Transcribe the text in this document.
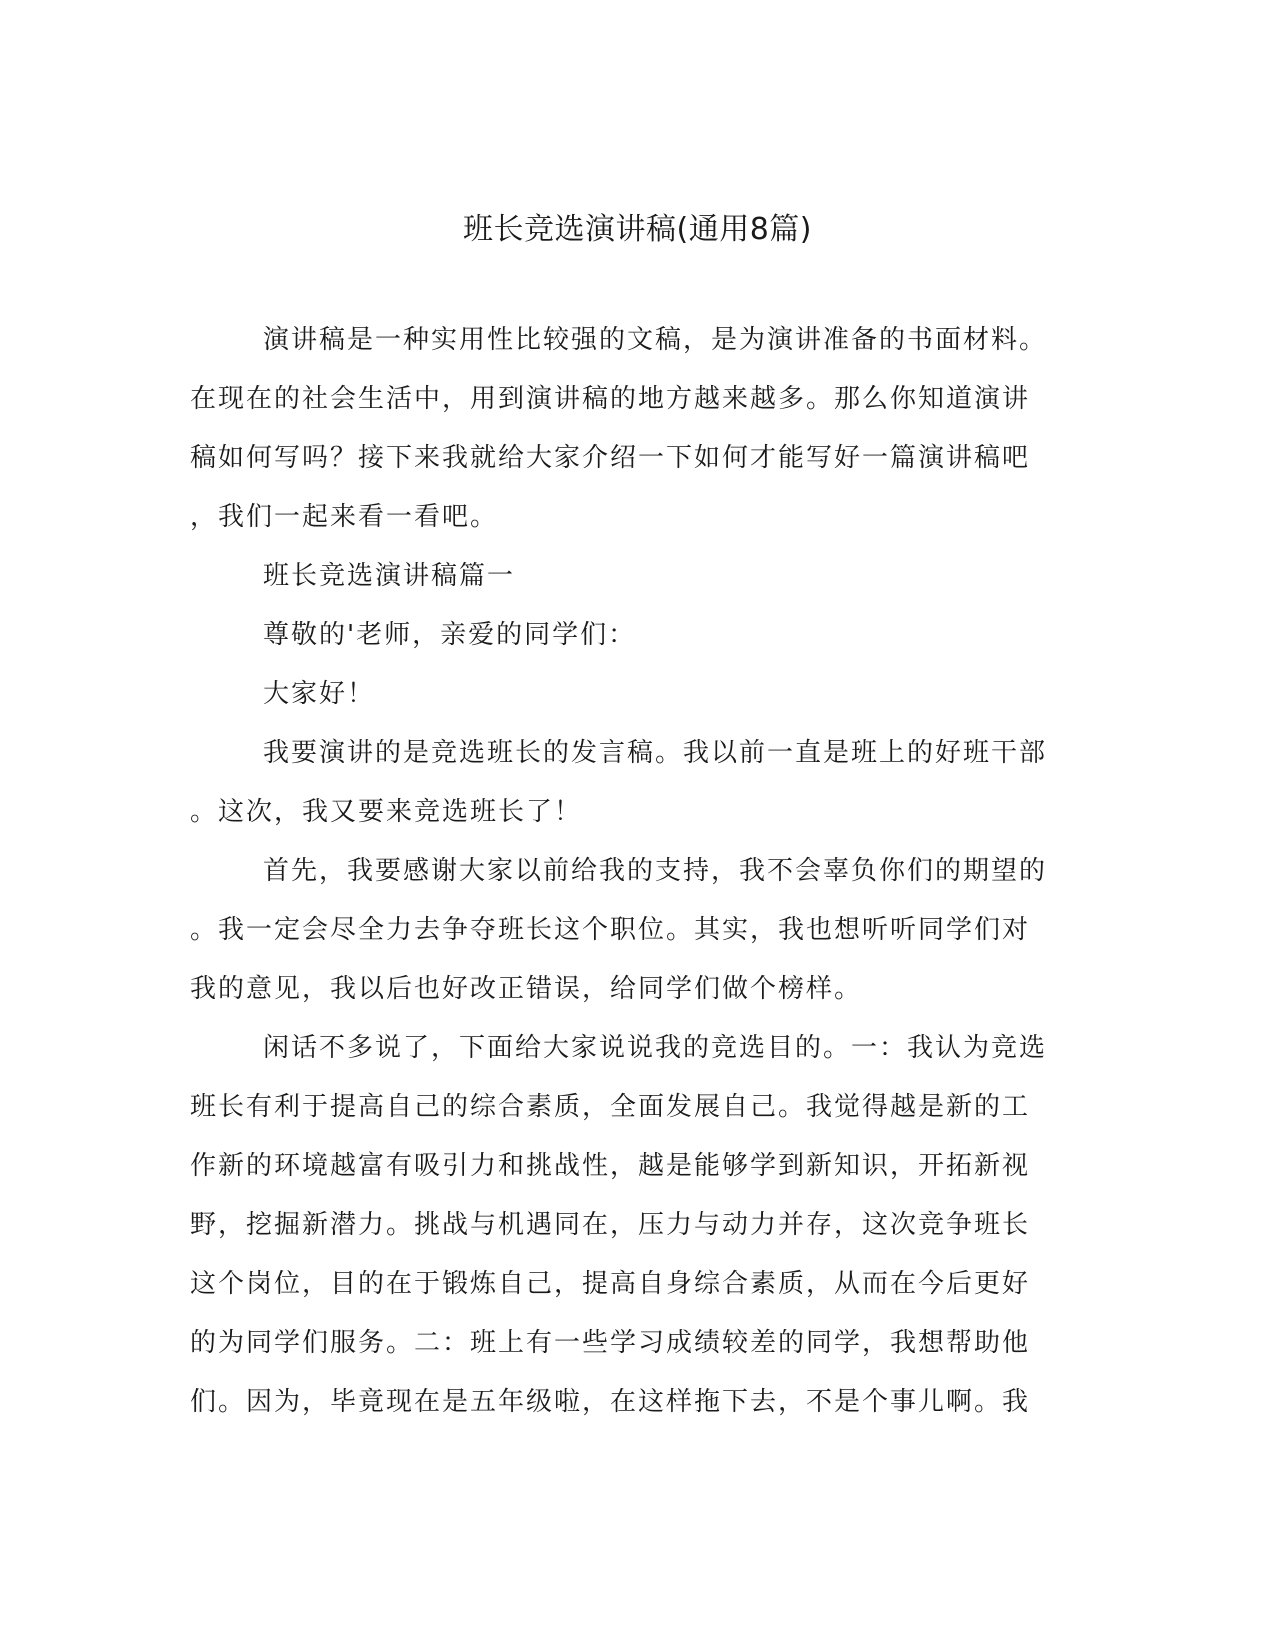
班长竞选演讲稿(通用8篇)
演讲稿是一种实用性比较强的文稿，是为演讲准备的书面材料。
在现在的社会生活中，用到演讲稿的地方越来越多。那么你知道演讲
稿如何写吗？接下来我就给大家介绍一下如何才能写好一篇演讲稿吧
，我们一起来看一看吧。
班长竞选演讲稿篇一
尊敬的'老师，亲爱的同学们：
大家好！
我要演讲的是竞选班长的发言稿。我以前一直是班上的好班干部
。这次，我又要来竞选班长了！
首先，我要感谢大家以前给我的支持，我不会辜负你们的期望的
。我一定会尽全力去争夺班长这个职位。其实，我也想听听同学们对
我的意见，我以后也好改正错误，给同学们做个榜样。
闲话不多说了，下面给大家说说我的竞选目的。一：我认为竞选
班长有利于提高自己的综合素质，全面发展自己。我觉得越是新的工
作新的环境越富有吸引力和挑战性，越是能够学到新知识，开拓新视
野，挖掘新潜力。挑战与机遇同在，压力与动力并存，这次竞争班长
这个岗位，目的在于锻炼自己，提高自身综合素质，从而在今后更好
的为同学们服务。二：班上有一些学习成绩较差的同学，我想帮助他
们。因为，毕竟现在是五年级啦，在这样拖下去，不是个事儿啊。我
